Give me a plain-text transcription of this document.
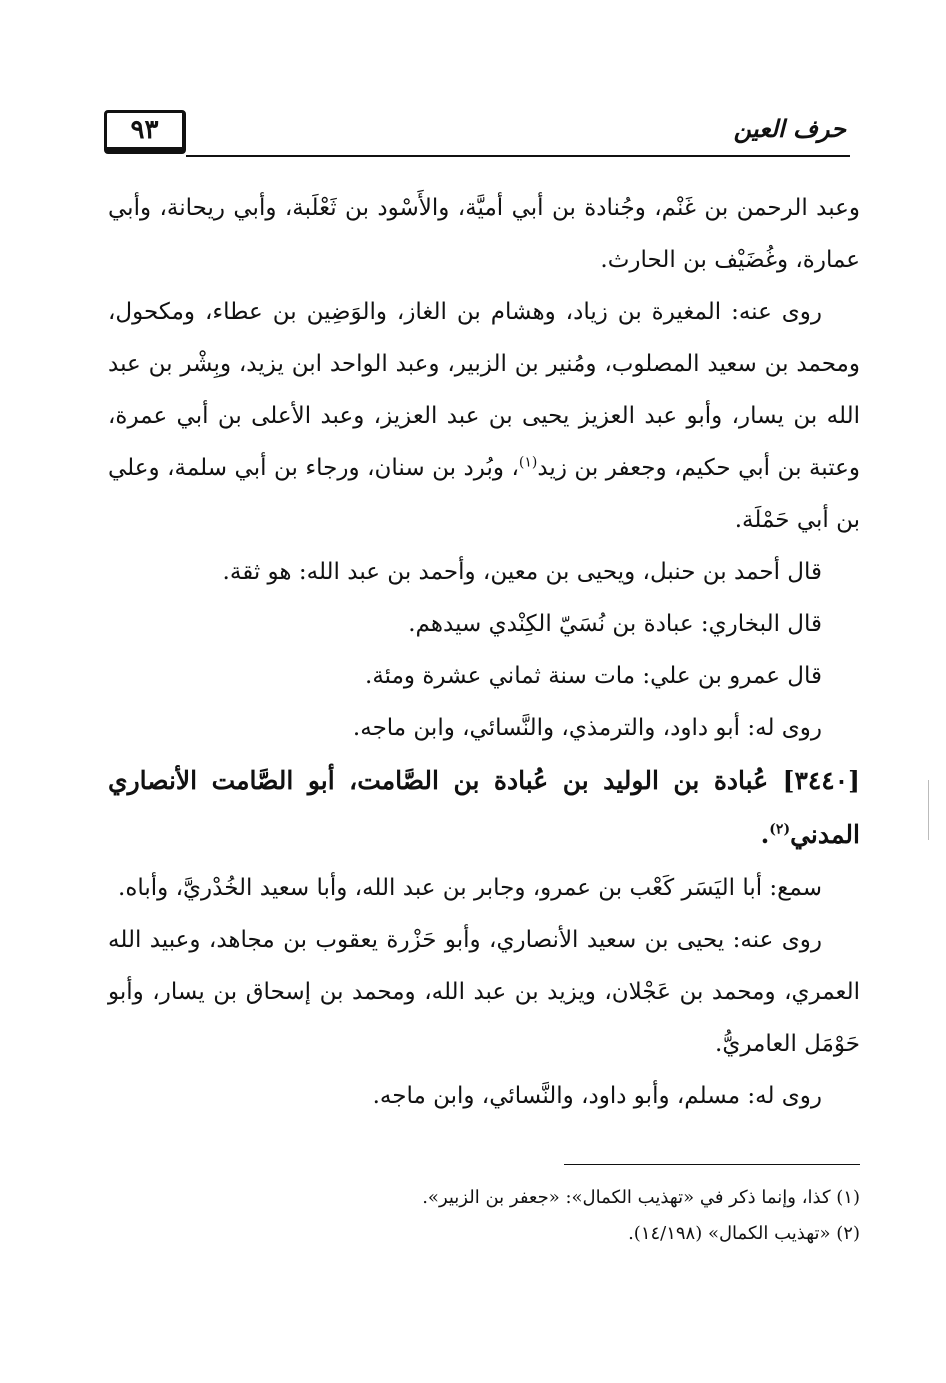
٩٣	حرف العين

وعبد الرحمن بن غَنْم، وجُنادة بن أبي أميَّة، والأَسْود بن ثَعْلَبة، وأبي ريحانة، وأبي عمارة، وغُضَيْف بن الحارث.

روى عنه: المغيرة بن زياد، وهشام بن الغاز، والوَضِين بن عطاء، ومكحول، ومحمد بن سعيد المصلوب، ومُنير بن الزبير، وعبد الواحد ابن يزيد، وبِشْر بن عبد الله بن يسار، وأبو عبد العزيز يحيى بن عبد العزيز، وعبد الأعلى بن أبي عمرة، وعتبة بن أبي حكيم، وجعفر بن زيد$^{(١)}$، وبُرد بن سنان، ورجاء بن أبي سلمة، وعلي بن أبي حَمْلَة.

قال أحمد بن حنبل، ويحيى بن معين، وأحمد بن عبد الله: هو ثقة.

قال البخاري: عبادة بن نُسَيّ الكِنْدي سيدهم.

قال عمرو بن علي: مات سنة ثماني عشرة ومئة.

روى له: أبو داود، والترمذي، والنَّسائي، وابن ماجه.

[٣٤٤٠] عُبادة بن الوليد بن عُبادة بن الصَّامت، أبو الصَّامت الأنصاري المدني$^{(٢)}$.

سمع: أبا اليَسَر كَعْب بن عمرو، وجابر بن عبد الله، وأبا سعيد الخُدْريَّ، وأباه.

روى عنه: يحيى بن سعيد الأنصاري، وأبو حَزْرة يعقوب بن مجاهد، وعبيد الله العمري، ومحمد بن عَجْلان، ويزيد بن عبد الله، ومحمد بن إسحاق بن يسار، وأبو حَوْمَل العامريُّ.

روى له: مسلم، وأبو داود، والنَّسائي، وابن ماجه.

(١) كذا، وإنما ذكر في «تهذيب الكمال»: «جعفر بن الزبير».

(٢) «تهذيب الكمال» (١٤/١٩٨).
